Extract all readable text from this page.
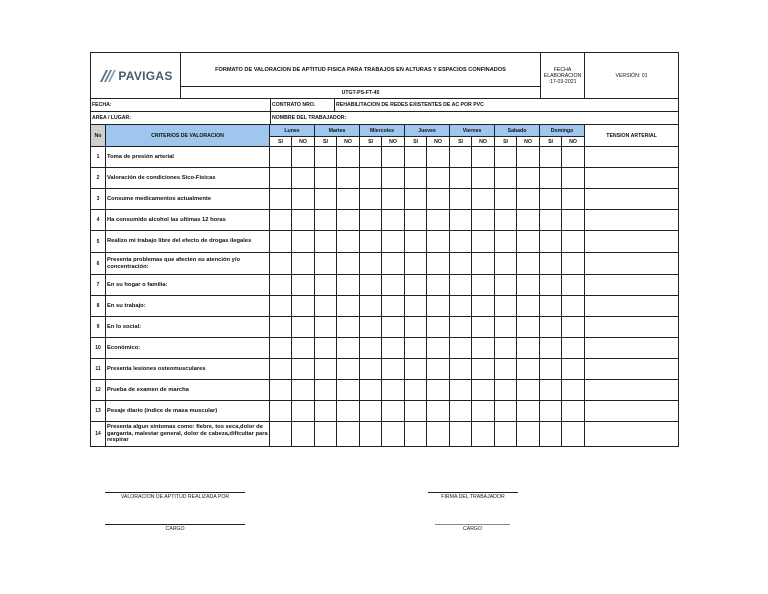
PAVIGAS	FORMATO DE VALORACION DE APTITUD FISICA PARA TRABAJOS EN ALTURAS Y ESPACIOS CONFINADOS	FECHA
ELABORACION
:17-03-2021
	VERSIÓN: 01
UTGT-PS-FT-45
FECHA:	CONTRATO NRO.	REHABILITACION DE REDES EXISTENTES DE AC POR PVC
AREA / LUGAR:	NOMBRE DEL TRABAJADOR:	
No	CRITERIOS DE VALORACION	Lunes		Martes		Miercoles		Jueves		Viernes		Sabado		Domingo		TENSION ARTERIAL
		SI	NO	SI	NO	SI	NO	SI	NO	SI	NO	SI	NO	SI	NO	
1	Toma de presión arterial															
2	Valoración de condiciones Sico-Fisicas															
3	Consume medicamentos actualmente															
4	Ha consumido alcohol las ultimas 12 horas															
5	Realizo mi trabajo libre del efecto de drogas ilegales															
6	Presenta problemas que afecten su atención y/o concentración:															
7	En su hogar o familia:															
8	En su trabajo:															
9	En lo social:															
10	Económico:															
11	Presenta lesiones osteomusculares															
12	Prueba de examen de marcha															
13	Pesaje diario (índice de masa muscular)															
14	Presenta algun sintomas como: fiebre, tos seca,dolor de garganta, malestar general, dolor de cabeza,dificultar para respirar															
VALORACION DE APTITUD REALIZADA POR	FIRMA DEL TRABAJADOR
CARGO	CARGO
